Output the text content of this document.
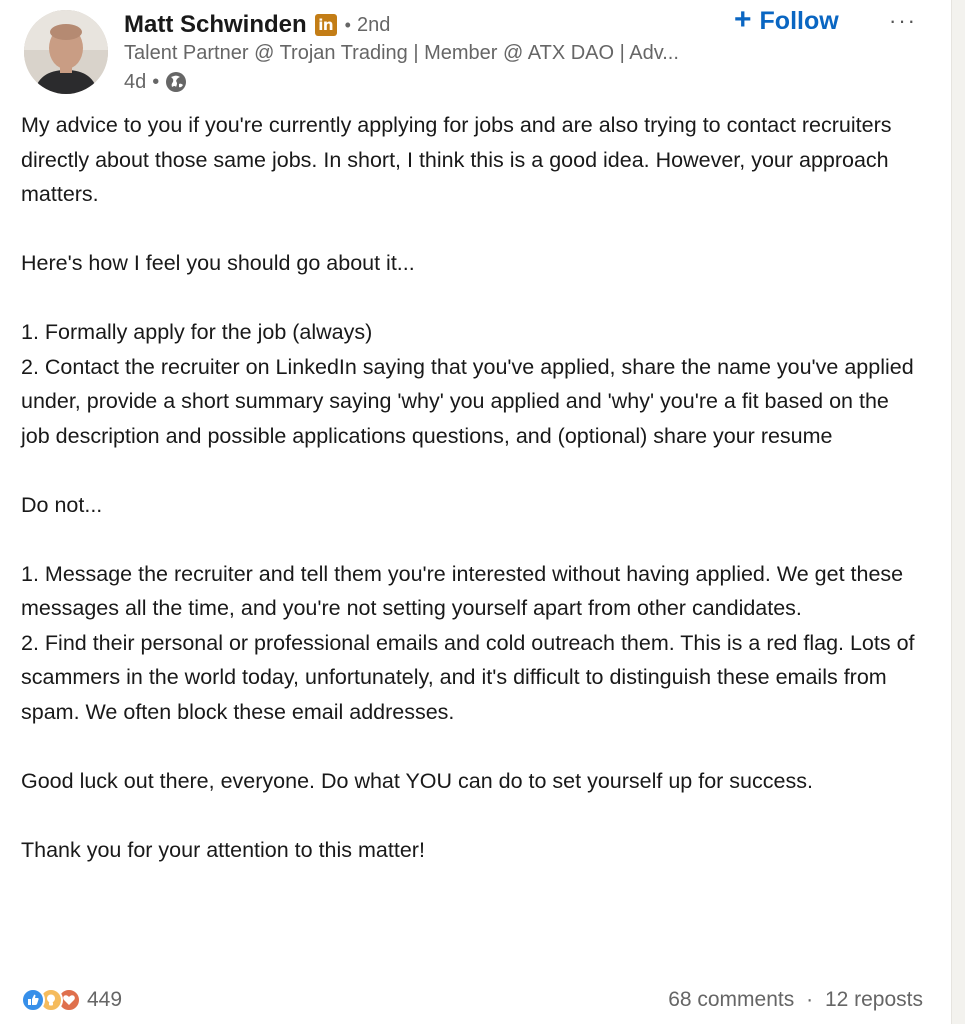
Matt Schwinden in • 2nd
Talent Partner @ Trojan Trading | Member @ ATX DAO | Adv...
4d •
+ Follow ···

My advice to you if you're currently applying for jobs and are also trying to contact recruiters directly about those same jobs. In short, I think this is a good idea. However, your approach matters.

Here's how I feel you should go about it...

1. Formally apply for the job (always)

2. Contact the recruiter on LinkedIn saying that you've applied, share the name you've applied under, provide a short summary saying 'why' you applied and 'why' you're a fit based on the job description and possible applications questions, and (optional) share your resume

Do not...

1. Message the recruiter and tell them you're interested without having applied. We get these messages all the time, and you're not setting yourself apart from other candidates.

2. Find their personal or professional emails and cold outreach them. This is a red flag. Lots of scammers in the world today, unfortunately, and it's difficult to distinguish these emails from spam. We often block these email addresses.

Good luck out there, everyone. Do what YOU can do to set yourself up for success.

Thank you for your attention to this matter!

449	68 comments · 12 reposts
